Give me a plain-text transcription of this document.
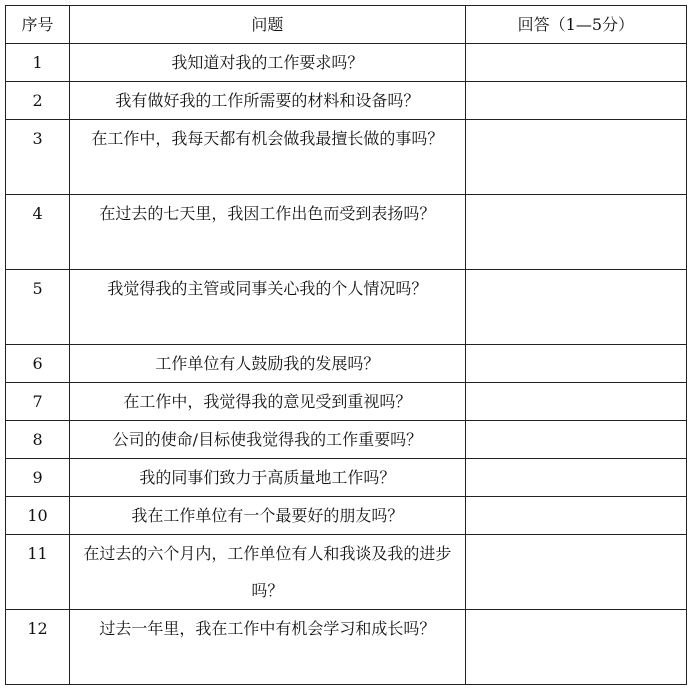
序号	问题	回答（1—5分）
1	我知道对我的工作要求吗？	

2	我有做好我的工作所需要的材料和设备吗？	

3	在工作中，我每天都有机会做我最擅长做的事吗？	

4	在过去的七天里，我因工作出色而受到表扬吗？	

5	我觉得我的主管或同事关心我的个人情况吗？	

6	工作单位有人鼓励我的发展吗？	

7	在工作中，我觉得我的意见受到重视吗？	

8	公司的使命/目标使我觉得我的工作重要吗？	

9	我的同事们致力于高质量地工作吗？	

10	我在工作单位有一个最要好的朋友吗？	

11	在过去的六个月内，工作单位有人和我谈及我的进步吗？	

12	过去一年里，我在工作中有机会学习和成长吗？	
